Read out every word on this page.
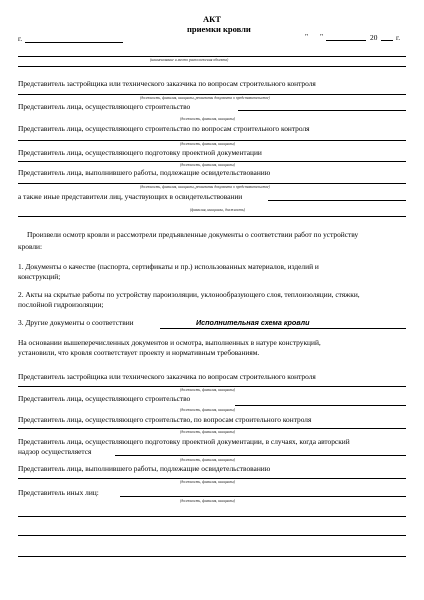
АКТ
приемки кровли
г.	" "	20	г.
(наименование и место расположения объекта)
Представитель застройщика или технического заказчика по вопросам строительного контроля
(должность, фамилия, инициалы, реквизиты документа о представительстве)
Представитель лица, осуществляющего строительство
(должность, фамилия, инициалы)
Представитель лица, осуществляющего строительство по вопросам строительного контроля
(должность, фамилия, инициалы)
Представитель лица, осуществляющего подготовку проектной документации
(должность, фамилия, инициалы)
Представитель лица, выполнившего работы, подлежащие освидетельствованию
(должность, фамилия, инициалы, реквизиты документа о представительстве)
а также иные представители лиц, участвующих в освидетельствовании
(фамилия, инициалы, должность)
Произвели осмотр кровли и рассмотрели предъявленные документы о соответствии работ по устройству
кровли:
1. Документы о качестве (паспорта, сертификаты и пр.) использованных материалов, изделий и
конструкций;
2. Акты на скрытые работы по устройству пароизоляции, уклонообразующего слоя, теплоизоляции, стяжки,
послойной гидроизоляции;
3. Другие документы о соответствии	Исполнительная схема кровли
На основании вышеперечисленных документов и осмотра, выполненных в натуре конструкций,
установили, что кровля соответствует проекту и нормативным требованиям.
Представитель застройщика или технического заказчика по вопросам строительного контроля
(должность, фамилия, инициалы)
Представитель лица, осуществляющего строительство
(должность, фамилия, инициалы)
Представитель лица, осуществляющего строительство, по вопросам строительного контроля
(должность, фамилия, инициалы)
Представитель лица, осуществляющего подготовку проектной документации, в случаях, когда авторский
надзор осуществляется
(должность, фамилия, инициалы)
Представитель лица, выполнившего работы, подлежащие освидетельствованию
(должность, фамилия, инициалы)
Представитель иных лиц:
(должность, фамилия, инициалы)
